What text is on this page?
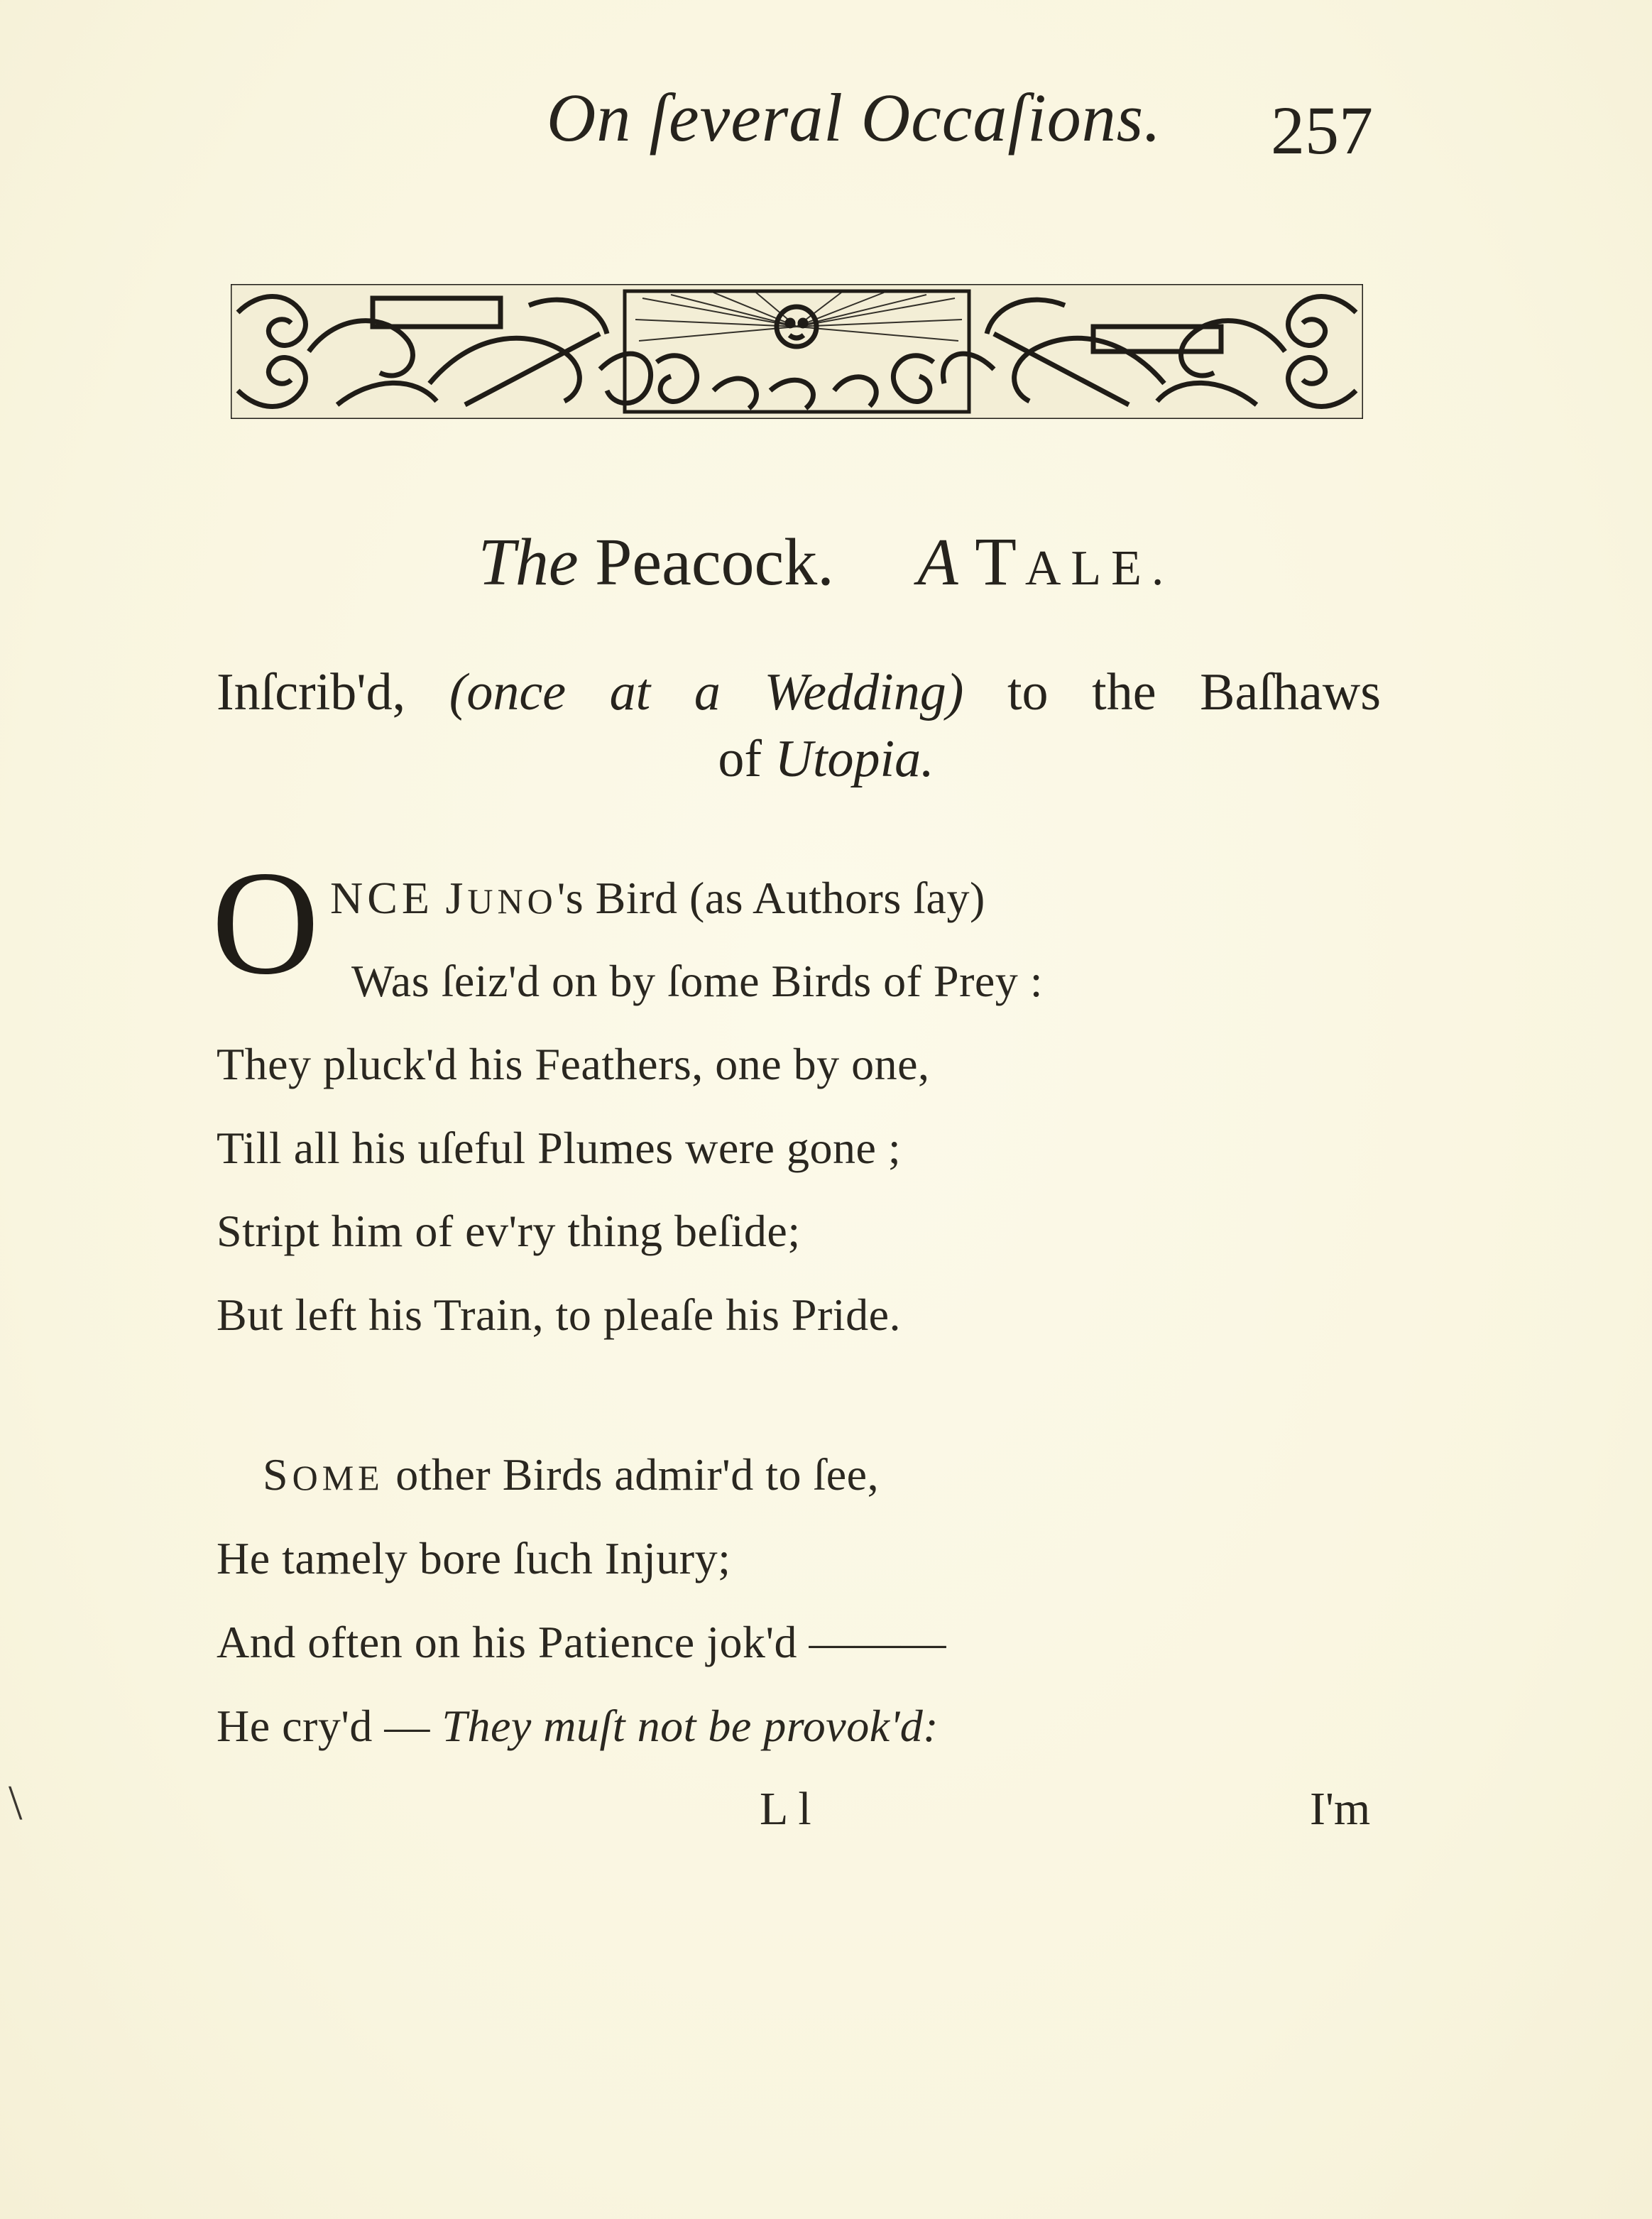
On ſeveral Occaſions. 257
The Peacock. A TALE.
Inſcrib'd, (once at a Wedding) to the Baſhaws
of Utopia.
O NCE JUNO's Bird (as Authors ſay)
Was ſeiz'd on by ſome Birds of Prey :
They pluck'd his Feathers, one by one,
Till all his uſeful Plumes were gone ;
Stript him of ev'ry thing beſide;
But left his Train, to pleaſe his Pride.
SOME other Birds admir'd to ſee,
He tamely bore ſuch Injury;
And often on his Patience jok'd ———
He cry'd — They muſt not be provok'd:
L l	I'm
\
